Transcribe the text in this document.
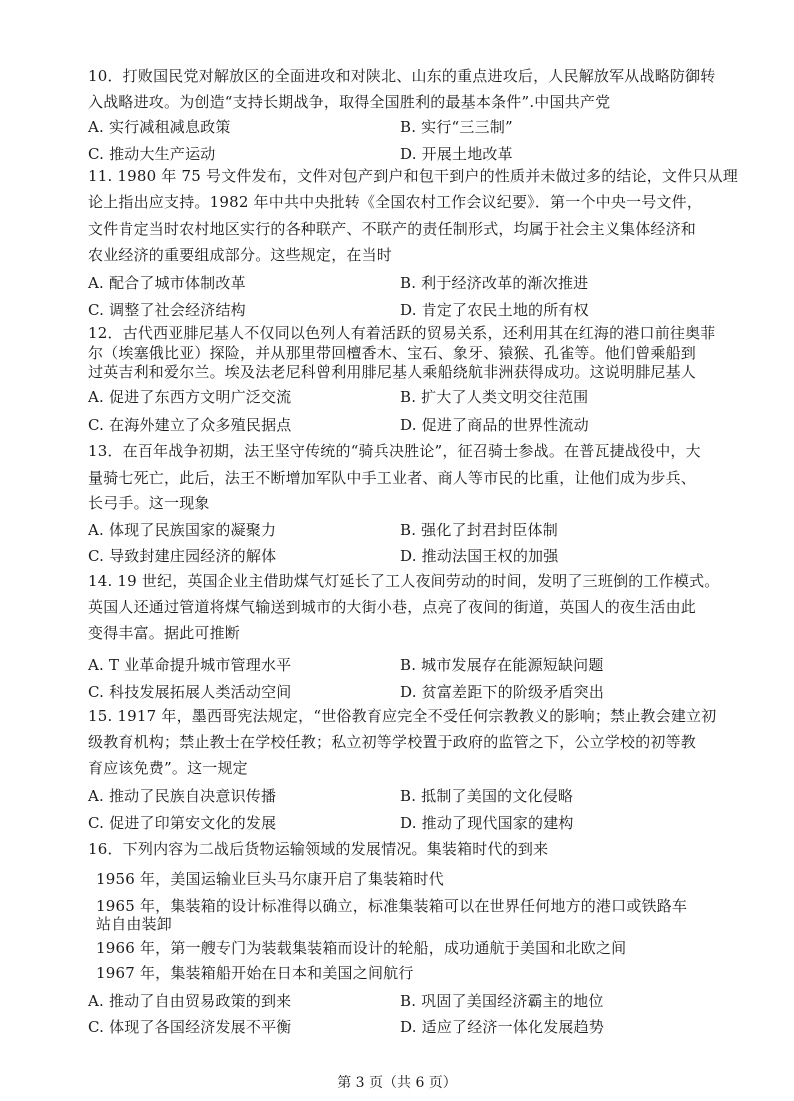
10．打败国民党对解放区的全面进攻和对陕北、山东的重点进攻后，人民解放军从战略防御转
入战略进攻。为创造“支持长期战争，取得全国胜利的最基本条件”.中国共产党
A. 实行减租减息政策	B. 实行“三三制”
C. 推动大生产运动	D. 开展土地改革
11. 1980 年 75 号文件发布，文件对包产到户和包干到户的性质并未做过多的结论，文件只从理
论上指出应支持。1982 年中共中央批转《全国农村工作会议纪要》．第一个中央一号文件，
文件肯定当时农村地区实行的各种联产、不联产的责任制形式，均属于社会主义集体经济和
农业经济的重要组成部分。这些规定，在当时
A. 配合了城市体制改革	B. 利于经济改革的渐次推进
C. 调整了社会经济结构	D. 肯定了农民土地的所有权
12．古代西亚腓尼基人不仅同以色列人有着活跃的贸易关系，还利用其在红海的港口前往奥菲
尔（埃塞俄比亚）探险，并从那里带回檀香木、宝石、象牙、猿猴、孔雀等。他们曾乘船到
过英吉利和爱尔兰。埃及法老尼科曾利用腓尼基人乘船绕航非洲获得成功。这说明腓尼基人
A. 促进了东西方文明广泛交流	B. 扩大了人类文明交往范围
C. 在海外建立了众多殖民据点	D. 促进了商品的世界性流动
13．在百年战争初期，法王坚守传统的“骑兵决胜论”，征召骑士参战。在普瓦捷战役中，大
量骑七死亡，此后，法王不断增加军队中手工业者、商人等市民的比重，让他们成为步兵、
长弓手。这一现象
A. 体现了民族国家的凝聚力	B. 强化了封君封臣体制
C. 导致封建庄园经济的解体	D. 推动法国王权的加强
14. 19 世纪，英国企业主借助煤气灯延长了工人夜间劳动的时间，发明了三班倒的工作模式。
英国人还通过管道将煤气输送到城市的大街小巷，点亮了夜间的街道，英国人的夜生活由此
变得丰富。据此可推断
A. T 业革命提升城市管理水平	B. 城市发展存在能源短缺问题
C. 科技发展拓展人类活动空间	D. 贫富差距下的阶级矛盾突出
15. 1917 年，墨西哥宪法规定，“世俗教育应完全不受任何宗教教义的影响；禁止教会建立初
级教育机构；禁止教士在学校任教；私立初等学校置于政府的监管之下，公立学校的初等教
育应该免费”。这一规定
A. 推动了民族自决意识传播	B. 抵制了美国的文化侵略
C. 促进了印第安文化的发展	D. 推动了现代国家的建构
16．下列内容为二战后货物运输领域的发展情况。集装箱时代的到来
1956 年，美国运输业巨头马尔康开启了集装箱时代
1965 年，集装箱的设计标准得以确立，标准集装箱可以在世界任何地方的港口或铁路车
站自由装卸
1966 年，第一艘专门为装载集装箱而设计的轮船，成功通航于美国和北欧之间
1967 年，集装箱船开始在日本和美国之间航行
A. 推动了自由贸易政策的到来	B. 巩固了美国经济霸主的地位
C. 体现了各国经济发展不平衡	D. 适应了经济一体化发展趋势
第 3 页（共 6 页）
